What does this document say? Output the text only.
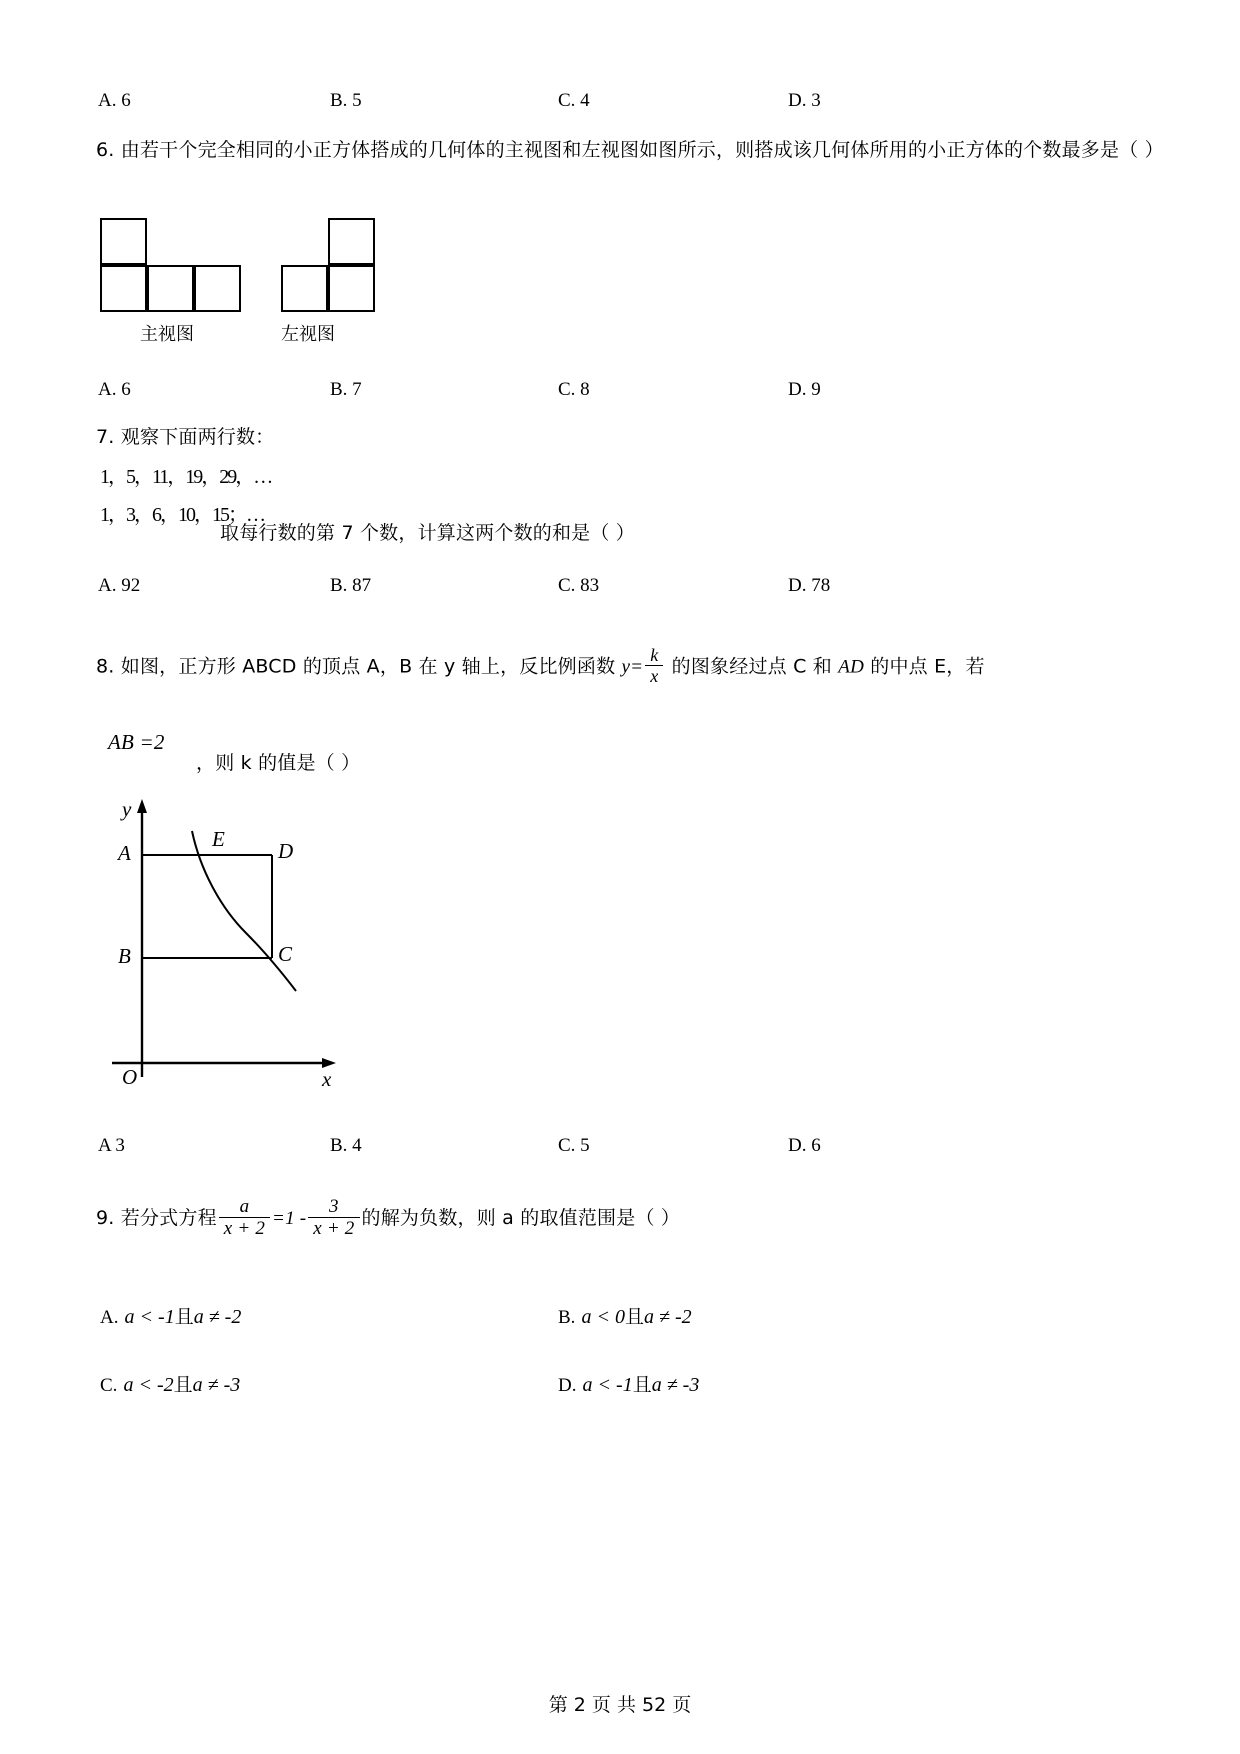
A. 6	B. 5	C. 4	D. 3
6. 由若干个完全相同的小正方体搭成的几何体的主视图和左视图如图所示，则搭成该几何体所用的小正方体的个数最多是（ ）
主视图	左视图
A. 6	B. 7	C. 8	D. 9
7. 观察下面两行数：
1，5，11，19，29，…
1，3，6，10，15；…
取每行数的第 7 个数，计算这两个数的和是（ ）
A. 92	B. 87	C. 83	D. 78
8. 如图，正方形 ABCD 的顶点 A，B 在 y 轴上，反比例函数 $y= \frac{k}{x}$ 的图象经过点 C 和 AD 的中点 E，若
AB =2
，则 k 的值是（ ）
y
x
O
A
B	C
D
E
A 3	B. 4	C. 5	D. 6
9. 若分式方程 $\frac{a}{x + 2} =1 - \frac{3}{x + 2}$ 的解为负数，则 a 的取值范围是（ ）
A. a < -1且a ≠ -2	B. a < 0且a ≠ -2
C. a < -2且a ≠ -3	D. a < -1且a ≠ -3
第 2 页 共 52 页
